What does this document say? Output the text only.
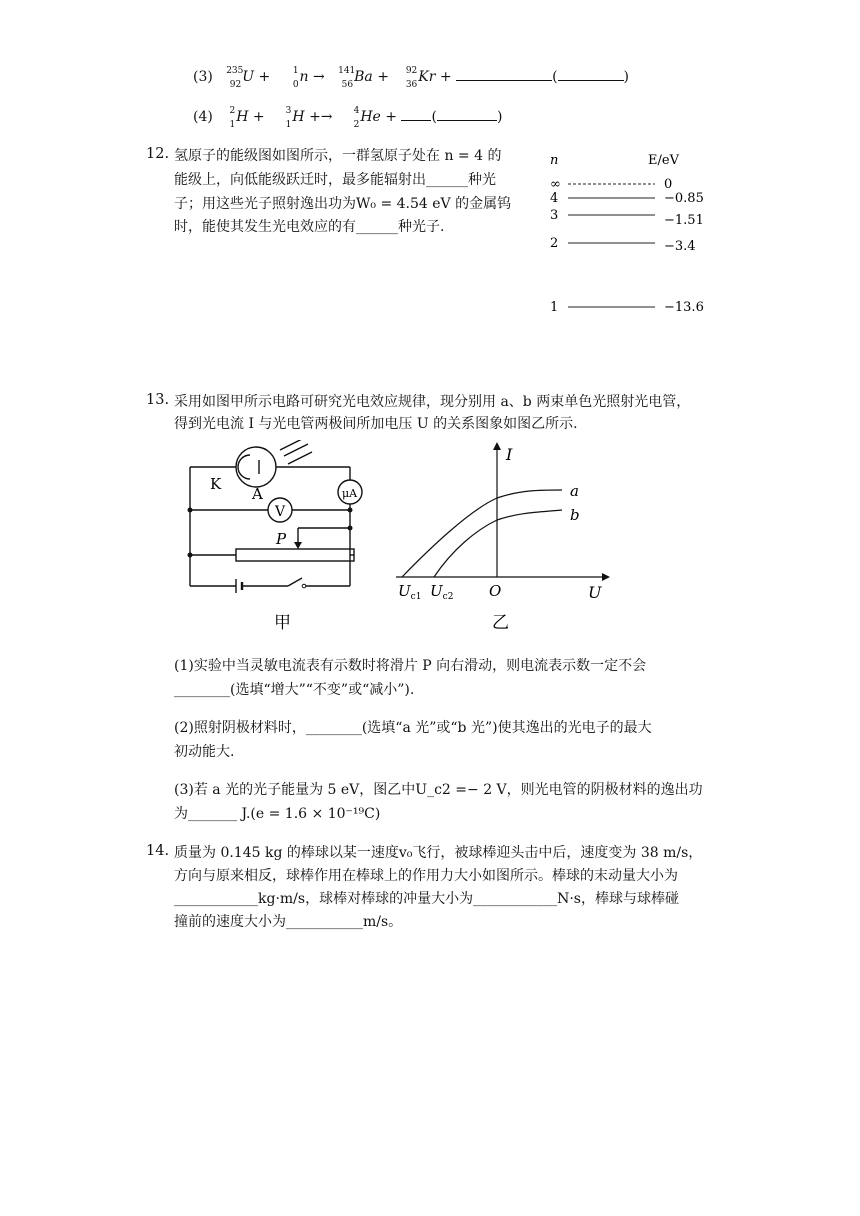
(3) 235
92 U +	1
0 n → 141
56 Ba + 92
36 Kr +	(	)
(4)	2
1 H + 3
1 H +→ 4
2 He + (	)
12. 氢原子的能级图如图所示，一群氢原子处在 n = 4 的
能级上，向低能级跃迁时，最多能辐射出______种光
子；用这些光子照射逸出功为W₀ = 4.54 eV 的金属钨
时，能使其发生光电效应的有______种光子.
n	E/eV
∞	0
4	−0.85
3	−1.51
2	−3.4
1	−13.6
13. 采用如图甲所示电路可研究光电效应规律，现分别用 a、b 两束单色光照射光电管，
得到光电流 I 与光电管两极间所加电压 U 的关系图象如图乙所示.
K
A	μA
V
P
甲
I
a
b
O	U
$U_{c1}$ $U_{c2}$
乙
(1)实验中当灵敏电流表有示数时将滑片 P 向右滑动，则电流表示数一定不会
________(选填“增大”“不变”或“减小”).
(2)照射阴极材料时，________(选填“a 光”或“b 光”)使其逸出的光电子的最大
初动能大.
(3)若 a 光的光子能量为 5 eV，图乙中U_c2 =− 2 V，则光电管的阴极材料的逸出功
为_______ J.(e = 1.6 × 10⁻¹⁹C)
14. 质量为 0.145 kg 的棒球以某一速度v₀飞行，被球棒迎头击中后，速度变为 38 m/s，
方向与原来相反，球棒作用在棒球上的作用力大小如图所示。棒球的末动量大小为
____________kg·m/s，球棒对棒球的冲量大小为____________N·s，棒球与球棒碰
撞前的速度大小为___________m/s。
